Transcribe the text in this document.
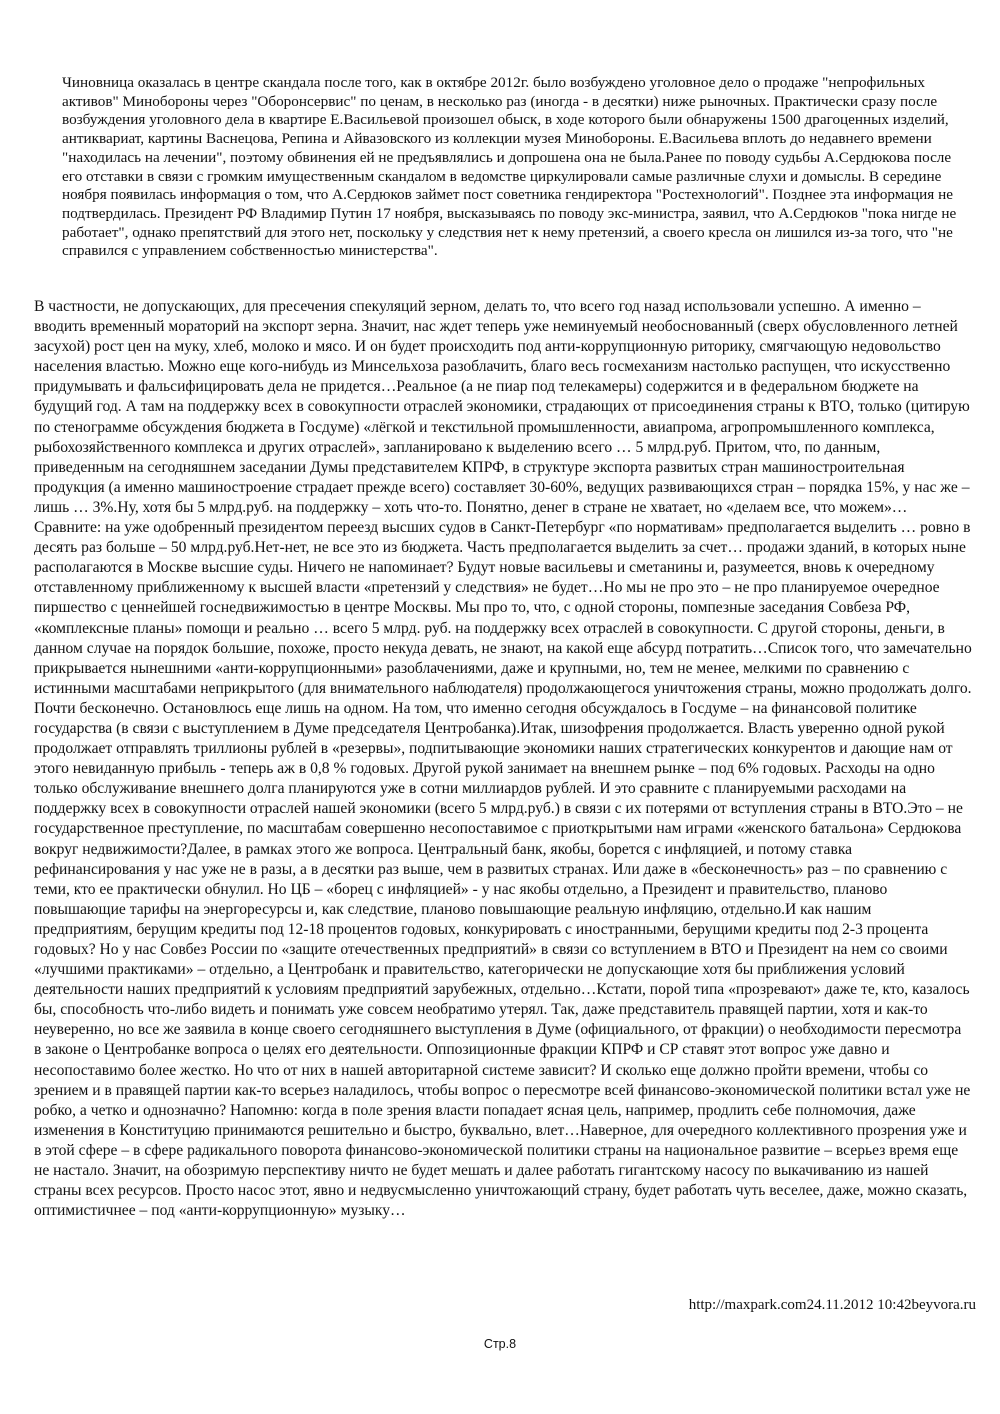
Чиновница оказалась в центре скандала после того, как в октябре 2012г. было возбуждено уголовное дело о продаже "непрофильных активов" Минобороны через "Оборонсервис" по ценам, в несколько раз (иногда - в десятки) ниже рыночных. Практически сразу после возбуждения уголовного дела в квартире Е.Васильевой произошел обыск, в ходе которого были обнаружены 1500 драгоценных изделий, антиквариат, картины Васнецова, Репина и Айвазовского из коллекции музея Минобороны. Е.Васильева вплоть до недавнего времени "находилась на лечении", поэтому обвинения ей не предъявлялись и допрошена она не была.Ранее по поводу судьбы А.Сердюкова после его отставки в связи с громким имущественным скандалом в ведомстве циркулировали самые различные слухи и домыслы. В середине ноября появилась информация о том, что А.Сердюков займет пост советника гендиректора "Ростехнологий". Позднее эта информация не подтвердилась. Президент РФ Владимир Путин 17 ноября, высказываясь по поводу экс-министра, заявил, что А.Сердюков "пока нигде не работает", однако препятствий для этого нет, поскольку у следствия нет к нему претензий, а своего кресла он лишился из-за того, что "не справился с управлением собственностью министерства".

В частности, не допускающих, для пресечения спекуляций зерном, делать то, что всего год назад использовали успешно. А именно – вводить временный мораторий на экспорт зерна. Значит, нас ждет теперь уже неминуемый необоснованный (сверх обусловленного летней засухой) рост цен на муку, хлеб, молоко и мясо. И он будет происходить под анти-коррупционную риторику, смягчающую недовольство населения властью. Можно еще кого-нибудь из Минсельхоза разоблачить, благо весь госмеханизм настолько распущен, что искусственно придумывать и фальсифицировать дела не придется…Реальное (а не пиар под телекамеры) содержится и в федеральном бюджете на будущий год. А там на поддержку всех в совокупности отраслей экономики, страдающих от присоединения страны к ВТО, только (цитирую по стенограмме обсуждения бюджета в Госдуме) «лёгкой и текстильной промышленности, авиапрома, агропромышленного комплекса, рыбохозяйственного комплекса и других отраслей», запланировано к выделению всего … 5 млрд.руб. Притом, что, по данным, приведенным на сегодняшнем заседании Думы представителем КПРФ, в структуре экспорта развитых стран машиностроительная продукция (а именно машиностроение страдает прежде всего) составляет 30-60%, ведущих развивающихся стран – порядка 15%, у нас же – лишь … 3%.Ну, хотя бы 5 млрд.руб. на поддержку – хоть что-то. Понятно, денег в стране не хватает, но «делаем все, что можем»… Сравните: на уже одобренный президентом переезд высших судов в Санкт-Петербург «по нормативам» предполагается выделить … ровно в десять раз больше – 50 млрд.руб.Нет-нет, не все это из бюджета. Часть предполагается выделить за счет… продажи зданий, в которых ныне располагаются в Москве высшие суды. Ничего не напоминает? Будут новые васильевы и сметанины и, разумеется, вновь к очередному отставленному приближенному к высшей власти «претензий у следствия» не будет…Но мы не про это – не про планируемое очередное пиршество с ценнейшей госнедвижимостью в центре Москвы. Мы про то, что, с одной стороны, помпезные заседания Совбеза РФ, «комплексные планы» помощи и реально … всего 5 млрд. руб. на поддержку всех отраслей в совокупности. С другой стороны, деньги, в данном случае на порядок большие, похоже, просто некуда девать, не знают, на какой еще абсурд потратить…Список того, что замечательно прикрывается нынешними «анти-коррупционными» разоблачениями, даже и крупными, но, тем не менее, мелкими по сравнению с истинными масштабами неприкрытого (для внимательного наблюдателя) продолжающегося уничтожения страны, можно продолжать долго. Почти бесконечно. Остановлюсь еще лишь на одном. На том, что именно сегодня обсуждалось в Госдуме – на финансовой политике государства (в связи с выступлением в Думе председателя Центробанка).Итак, шизофрения продолжается. Власть уверенно одной рукой продолжает отправлять триллионы рублей в «резервы», подпитывающие экономики наших стратегических конкурентов и дающие нам от этого невиданную прибыль - теперь аж в 0,8 % годовых. Другой рукой занимает на внешнем рынке – под 6% годовых. Расходы на одно только обслуживание внешнего долга планируются уже в сотни миллиардов рублей. И это сравните с планируемыми расходами на поддержку всех в совокупности отраслей нашей экономики (всего 5 млрд.руб.) в связи с их потерями от вступления страны в ВТО.Это – не государственное преступление, по масштабам совершенно несопоставимое с приоткрытыми нам играми «женского батальона» Сердюкова вокруг недвижимости?Далее, в рамках этого же вопроса. Центральный банк, якобы, борется с инфляцией, и потому ставка рефинансирования у нас уже не в разы, а в десятки раз выше, чем в развитых странах. Или даже в «бесконечность» раз – по сравнению с теми, кто ее практически обнулил. Но ЦБ – «борец с инфляцией» - у нас якобы отдельно, а Президент и правительство, планово повышающие тарифы на энергоресурсы и, как следствие, планово повышающие реальную инфляцию, отдельно.И как нашим предприятиям, берущим кредиты под 12-18 процентов годовых, конкурировать с иностранными, берущими кредиты под 2-3 процента годовых? Но у нас Совбез России по «защите отечественных предприятий» в связи со вступлением в ВТО и Президент на нем со своими «лучшими практиками» – отдельно, а Центробанк и правительство, категорически не допускающие хотя бы приближения условий деятельности наших предприятий к условиям предприятий зарубежных, отдельно…Кстати, порой типа «прозревают» даже те, кто, казалось бы, способность что-либо видеть и понимать уже совсем необратимо утерял. Так, даже представитель правящей партии, хотя и как-то неуверенно, но все же заявила в конце своего сегодняшнего выступления в Думе (официального, от фракции) о необходимости пересмотра в законе о Центробанке вопроса о целях его деятельности. Оппозиционные фракции КПРФ и СР ставят этот вопрос уже давно и несопоставимо более жестко. Но что от них в нашей авторитарной системе зависит? И сколько еще должно пройти времени, чтобы со зрением и в правящей партии как-то всерьез наладилось, чтобы вопрос о пересмотре всей финансово-экономической политики встал уже не робко, а четко и однозначно? Напомню: когда в поле зрения власти попадает ясная цель, например, продлить себе полномочия, даже изменения в Конституцию принимаются решительно и быстро, буквально, влет…Наверное, для очередного коллективного прозрения уже и в этой сфере – в сфере радикального поворота финансово-экономической политики страны на национальное развитие – всерьез время еще не настало. Значит, на обозримую перспективу ничто не будет мешать и далее работать гигантскому насосу по выкачиванию из нашей страны всех ресурсов. Просто насос этот, явно и недвусмысленно уничтожающий страну, будет работать чуть веселее, даже, можно сказать, оптимистичнее – под «анти-коррупционную» музыку…

http://maxpark.com24.11.2012 10:42beyvora.ru

Стр.8
